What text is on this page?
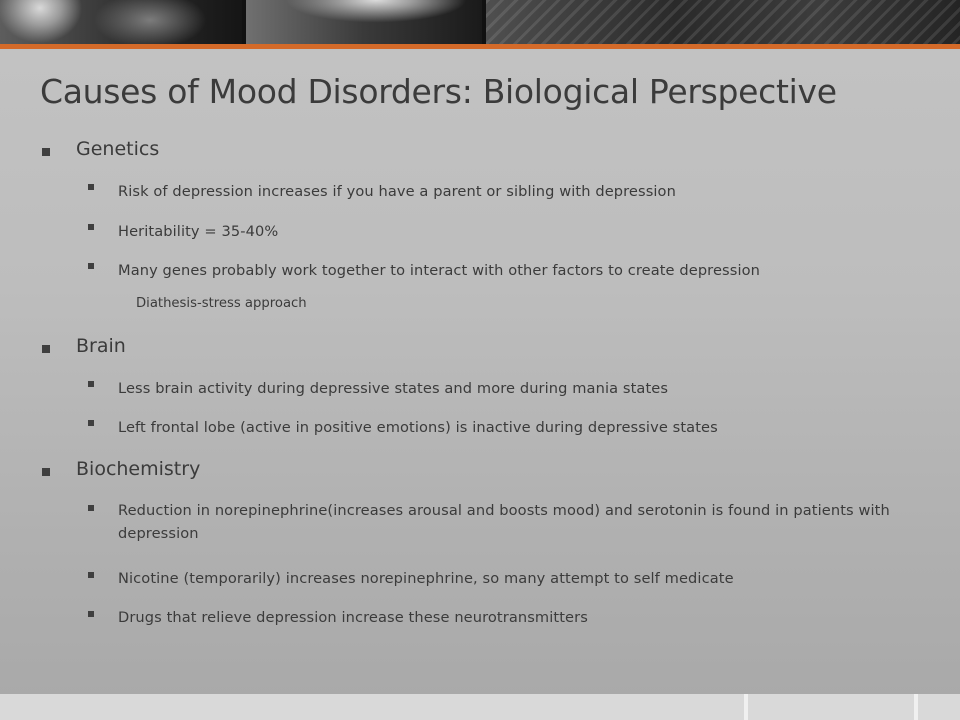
Causes of Mood Disorders: Biological Perspective

Genetics

Risk of depression increases if you have a parent or sibling with depression

Heritability = 35-40%

Many genes probably work together to interact with other factors to create depression

Diathesis-stress approach

Brain

Less brain activity during depressive states and more during mania states

Left frontal lobe (active in positive emotions) is inactive during depressive states

Biochemistry

Reduction in norepinephrine(increases arousal and boosts mood) and serotonin is found in patients with depression

Nicotine (temporarily) increases norepinephrine, so many attempt to self medicate

Drugs that relieve depression increase these neurotransmitters
